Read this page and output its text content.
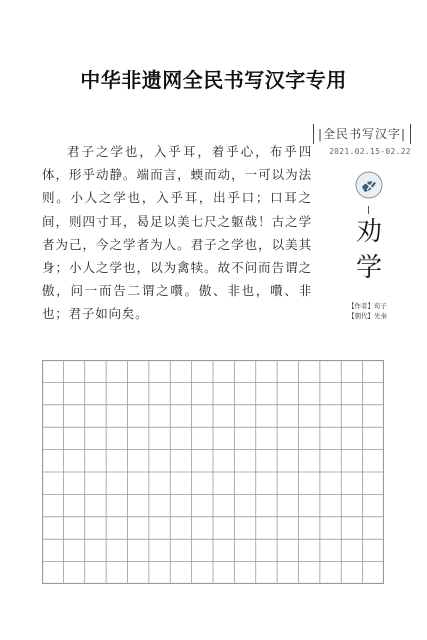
中华非遗网全民书写汉字专用
|全民书写汉字|
2021.02.15-02.22

君子之学也，入乎耳，着乎心，布乎四体，形乎动静。端而言，蝡而动，一可以为法则。小人之学也，入乎耳，出乎口；口耳之间，则四寸耳，曷足以美七尺之躯哉！古之学者为己，今之学者为人。君子之学也，以美其身；小人之学也，以为禽犊。故不问而告谓之傲，问一而告二谓之囋。傲、非也，囋、非也；君子如向矣。

劝学
【作者】荀子
【朝代】先秦
